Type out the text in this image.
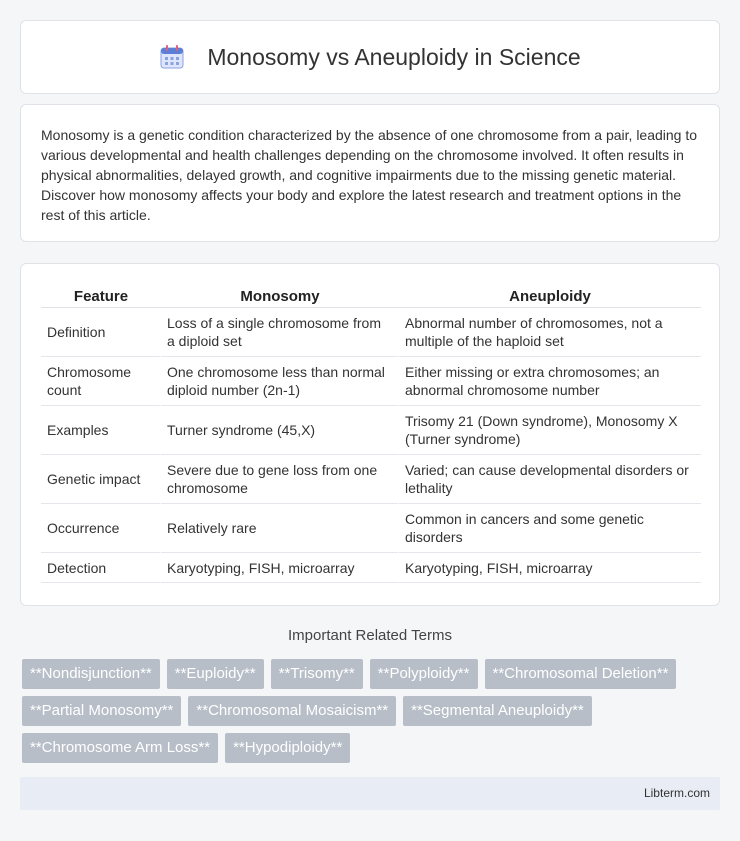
Monosomy vs Aneuploidy in Science

Monosomy is a genetic condition characterized by the absence of one chromosome from a pair, leading to various developmental and health challenges depending on the chromosome involved. It often results in physical abnormalities, delayed growth, and cognitive impairments due to the missing genetic material. Discover how monosomy affects your body and explore the latest research and treatment options in the rest of this article.

Feature	Monosomy	Aneuploidy
Definition	Loss of a single chromosome from a diploid set	Abnormal number of chromosomes, not a multiple of the haploid set
Chromosome count	One chromosome less than normal diploid number (2n-1)	Either missing or extra chromosomes; an abnormal chromosome number
Examples	Turner syndrome (45,X)	Trisomy 21 (Down syndrome), Monosomy X (Turner syndrome)
Genetic impact	Severe due to gene loss from one chromosome	Varied; can cause developmental disorders or lethality
Occurrence	Relatively rare	Common in cancers and some genetic disorders
Detection	Karyotyping, FISH, microarray	Karyotyping, FISH, microarray
Important Related Terms
**Nondisjunction**	**Euploidy**	**Trisomy**	**Polyploidy**	**Chromosomal Deletion**
**Partial Monosomy**	**Chromosomal Mosaicism**	**Segmental Aneuploidy**
**Chromosome Arm Loss**	**Hypodiploidy**
Libterm.com
